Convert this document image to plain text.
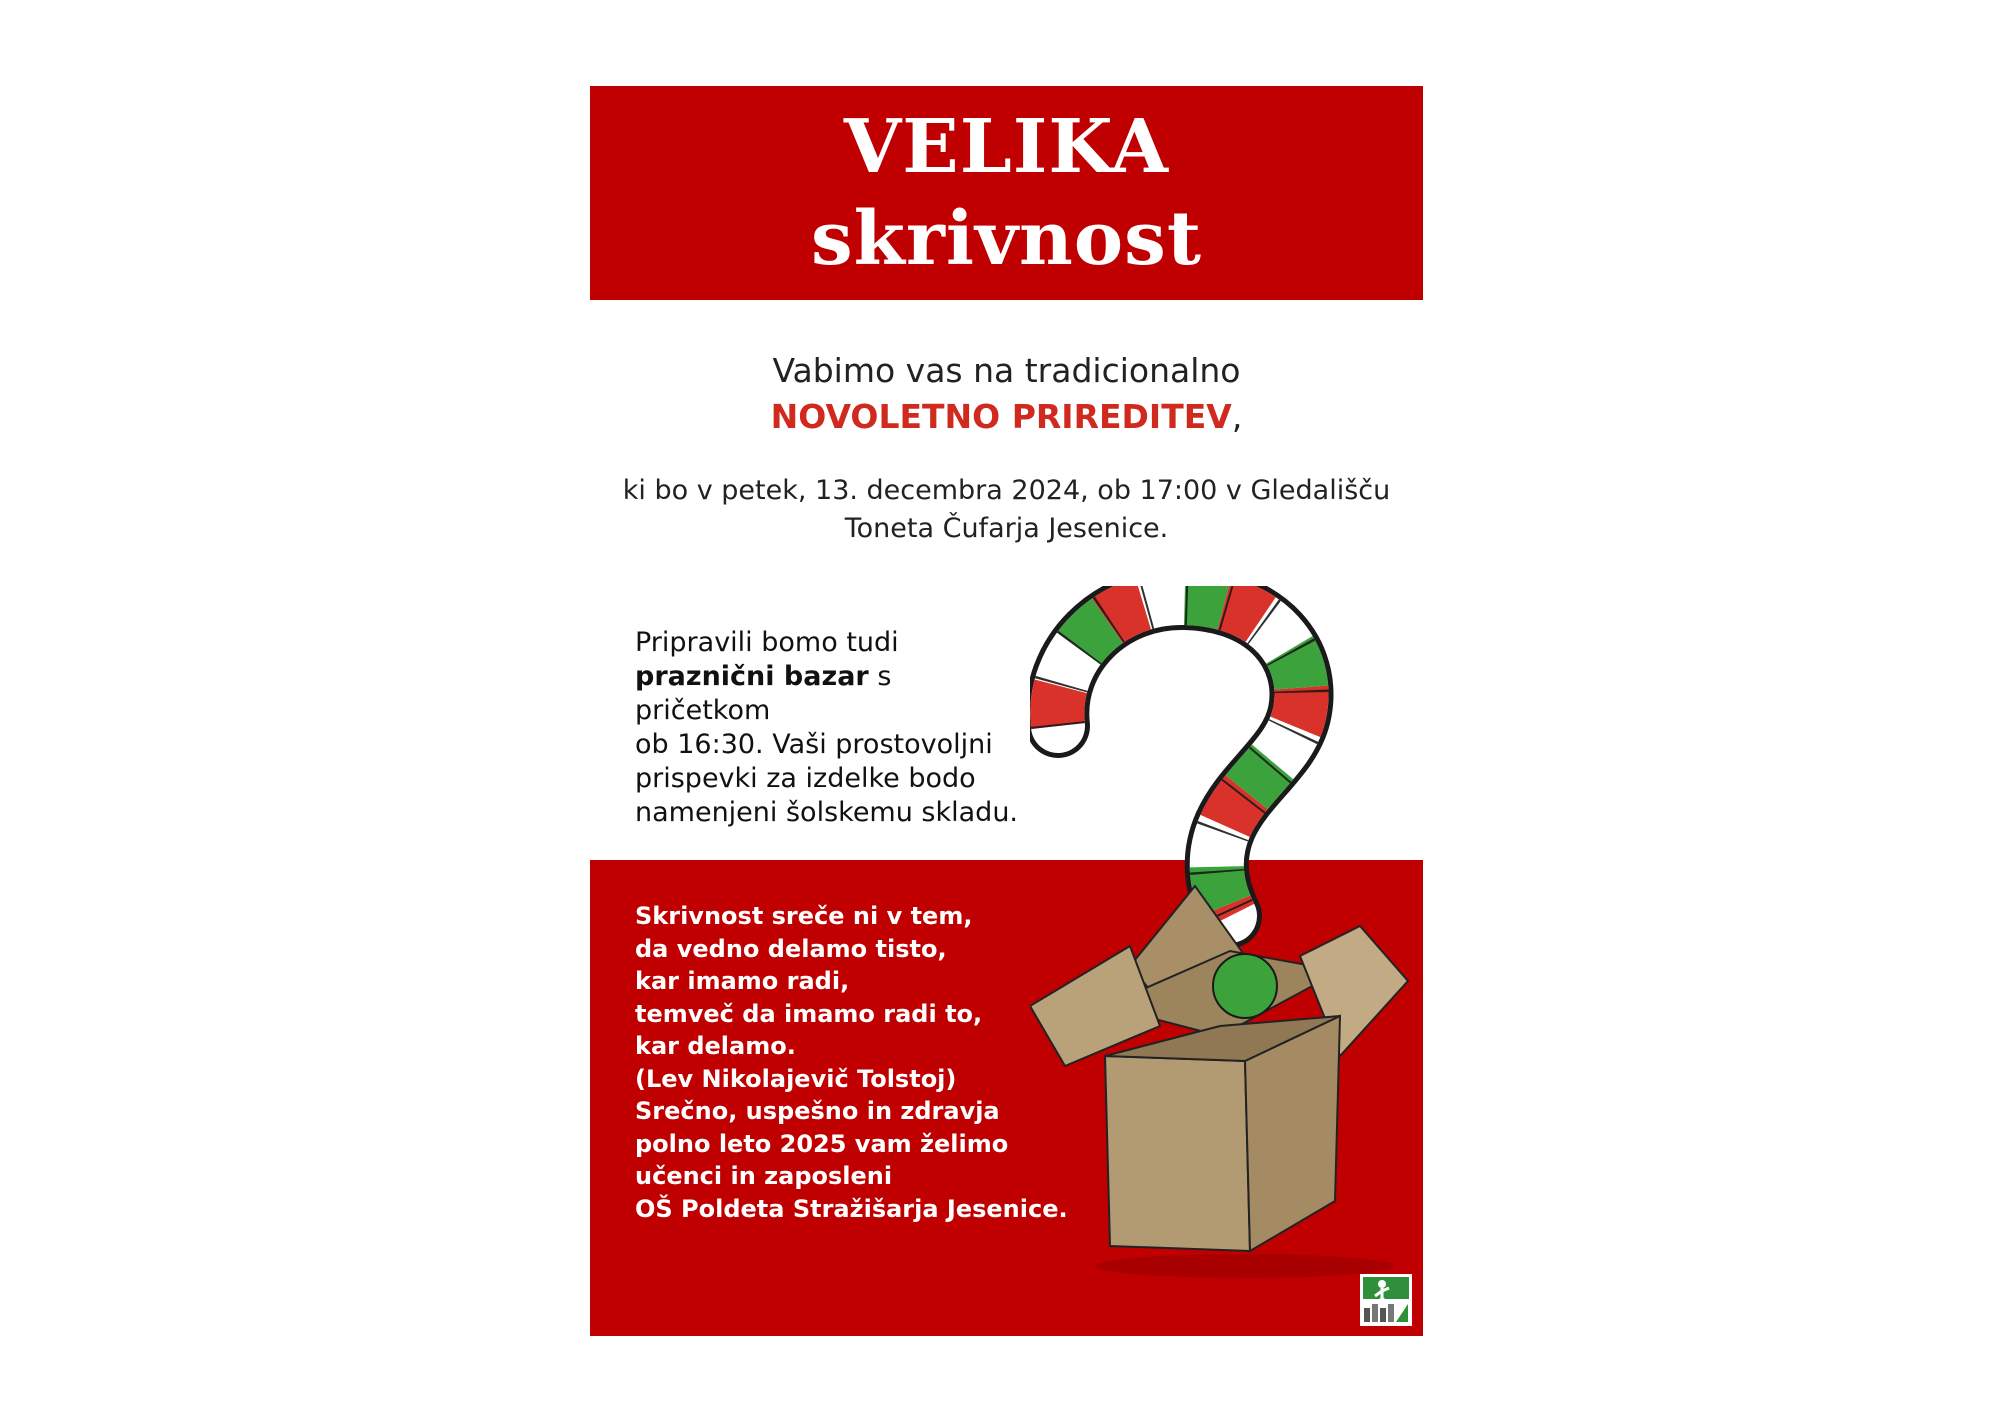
VELIKA
skrivnost
Vabimo vas na tradicionalno
NOVOLETNO PRIREDITEV,
ki bo v petek, 13. decembra 2024, ob 17:00 v Gledališču
Toneta Čufarja Jesenice.
Pripravili bomo tudi
praznični bazar s pričetkom
ob 16:30. Vaši prostovoljni
prispevki za izdelke bodo
namenjeni šolskemu skladu.
Skrivnost sreče ni v tem,
da vedno delamo tisto,
kar imamo radi,
temveč da imamo radi to,
kar delamo.
(Lev Nikolajevič Tolstoj)
Srečno, uspešno in zdravja
polno leto 2025 vam želimo
učenci in zaposleni
OŠ Poldeta Stražišarja Jesenice.
